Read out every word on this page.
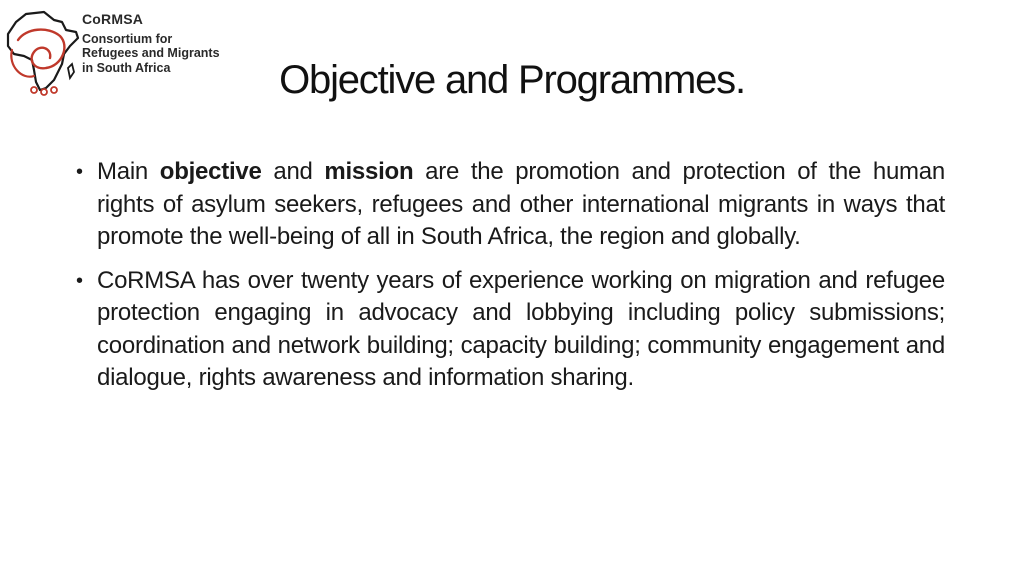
CoRMSA
Consortium for
Refugees and Migrants
in South Africa	Objective and Programmes.
• Main objective and mission are the promotion and protection of the human rights of asylum seekers, refugees and other international migrants in ways that promote the well-being of all in South Africa, the region and globally.
• CoRMSA has over twenty years of experience working on migration and refugee protection engaging in advocacy and lobbying including policy submissions; coordination and network building; capacity building; community engagement and dialogue, rights awareness and information sharing.
